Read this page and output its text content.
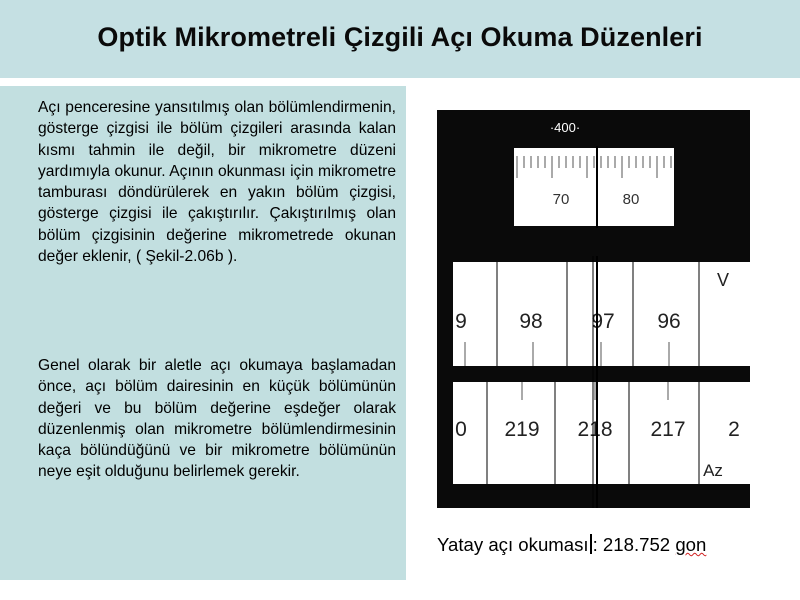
Optik Mikrometreli Çizgili Açı Okuma Düzenleri
Açı penceresine yansıtılmış olan bölümlendirmenin, gösterge çizgisi ile bölüm çizgileri arasında kalan kısmı tahmin ile değil, bir mikrometre düzeni yardımıyla okunur. Açının okunması için mikrometre tamburası döndürülerek en yakın bölüm çizgisi, gösterge çizgisi ile çakıştırılır. Çakıştırılmış olan bölüm çizgisinin değerine mikrometrede okunan değer eklenir, ( Şekil-2.06b ).
Genel olarak bir aletle açı okumaya başlamadan önce, açı bölüm dairesinin en küçük bölümünün değeri ve bu bölüm değerine eşdeğer olarak düzenlenmiş olan mikrometre bölümlendirmesinin kaça bölündüğünü ve bir mikrometre bölümünün neye eşit olduğunu belirlemek gerekir.
·400·
70	80
V
9 98 97 96
0 219 218 217 2
Az
Yatay açı okuması : 218.752 gon
